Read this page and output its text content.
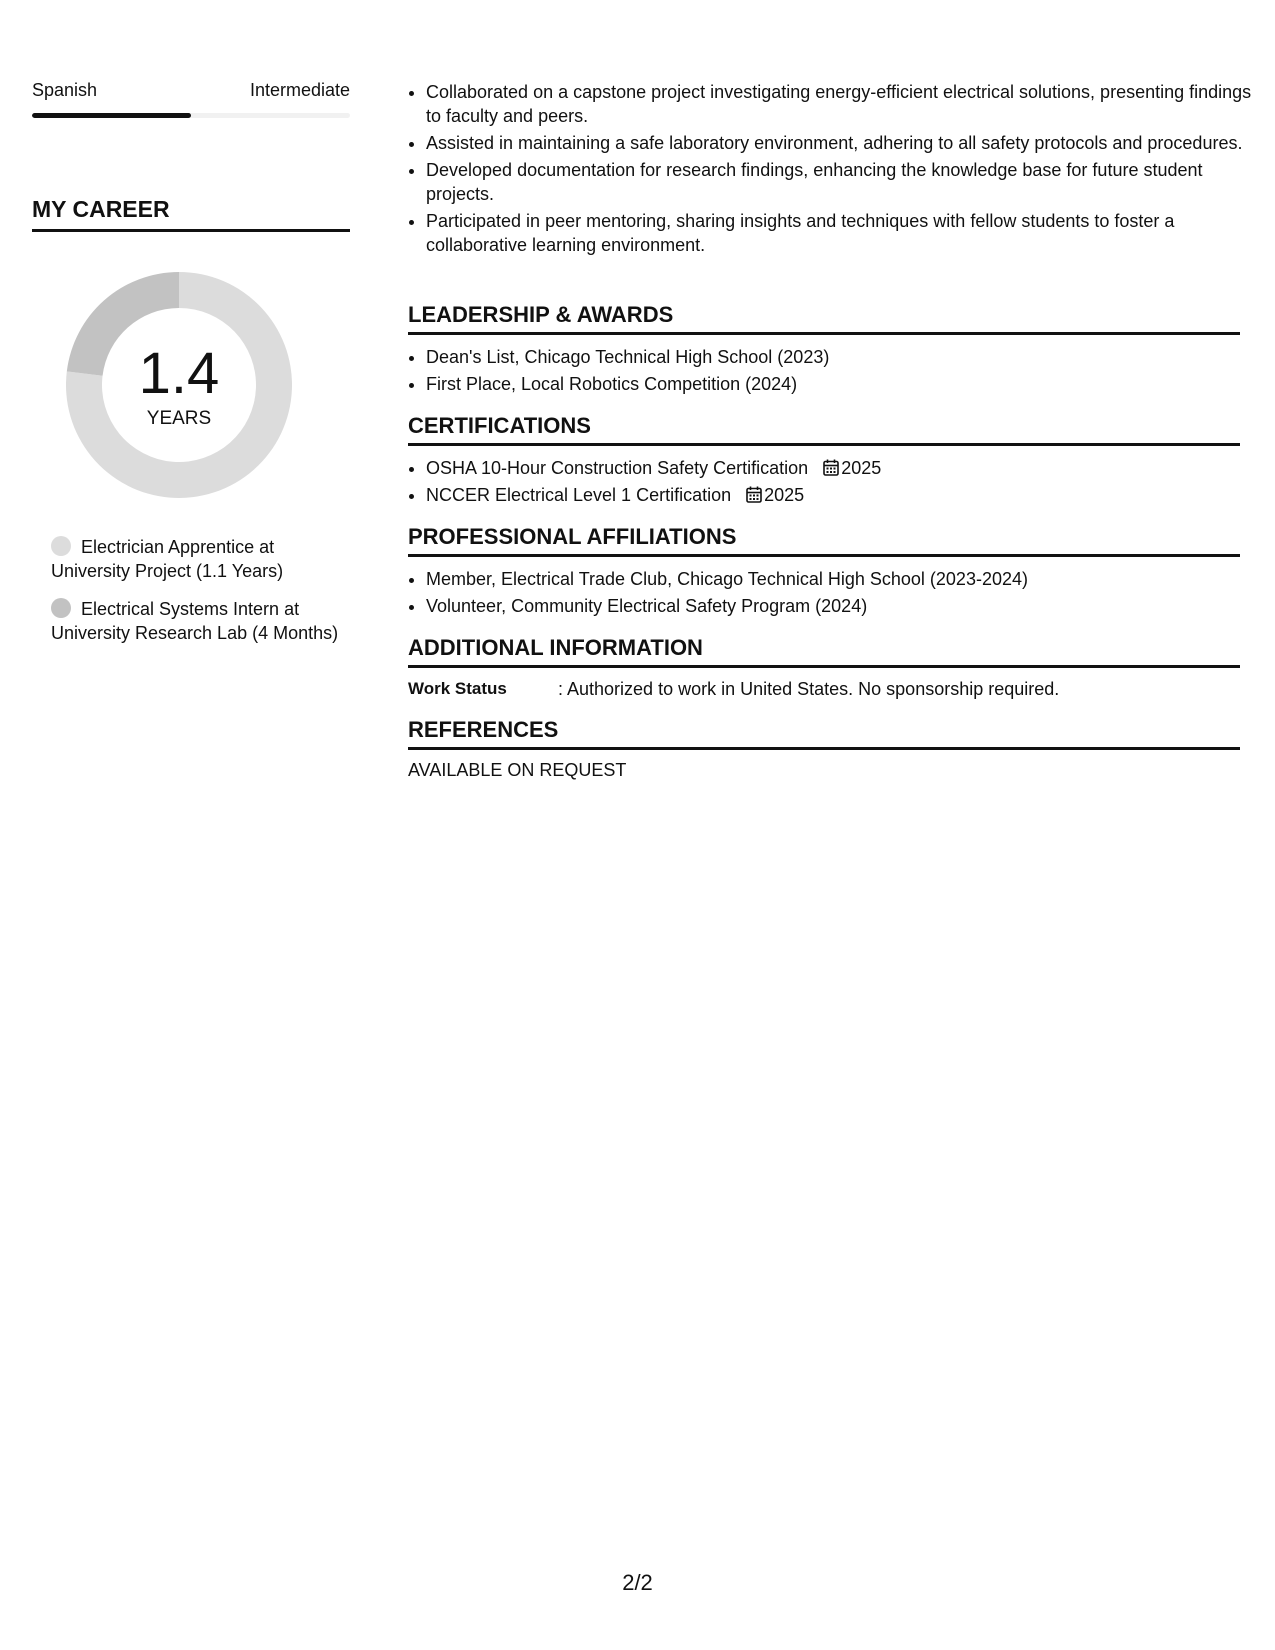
Spanish	Intermediate
MY CAREER
1.4
YEARS
Electrician Apprentice at University Project (1.1 Years)
Electrical Systems Intern at University Research Lab (4 Months)
• Collaborated on a capstone project investigating energy-efficient electrical solutions, presenting findings to faculty and peers.
• Assisted in maintaining a safe laboratory environment, adhering to all safety protocols and procedures.
• Developed documentation for research findings, enhancing the knowledge base for future student projects.
• Participated in peer mentoring, sharing insights and techniques with fellow students to foster a collaborative learning environment.
LEADERSHIP & AWARDS
• Dean's List, Chicago Technical High School (2023)
• First Place, Local Robotics Competition (2024)
CERTIFICATIONS
• OSHA 10-Hour Construction Safety Certification 2025
• NCCER Electrical Level 1 Certification 2025
PROFESSIONAL AFFILIATIONS
• Member, Electrical Trade Club, Chicago Technical High School (2023-2024)
• Volunteer, Community Electrical Safety Program (2024)
ADDITIONAL INFORMATION
Work Status	: Authorized to work in United States. No sponsorship required.
REFERENCES
AVAILABLE ON REQUEST
2/2
